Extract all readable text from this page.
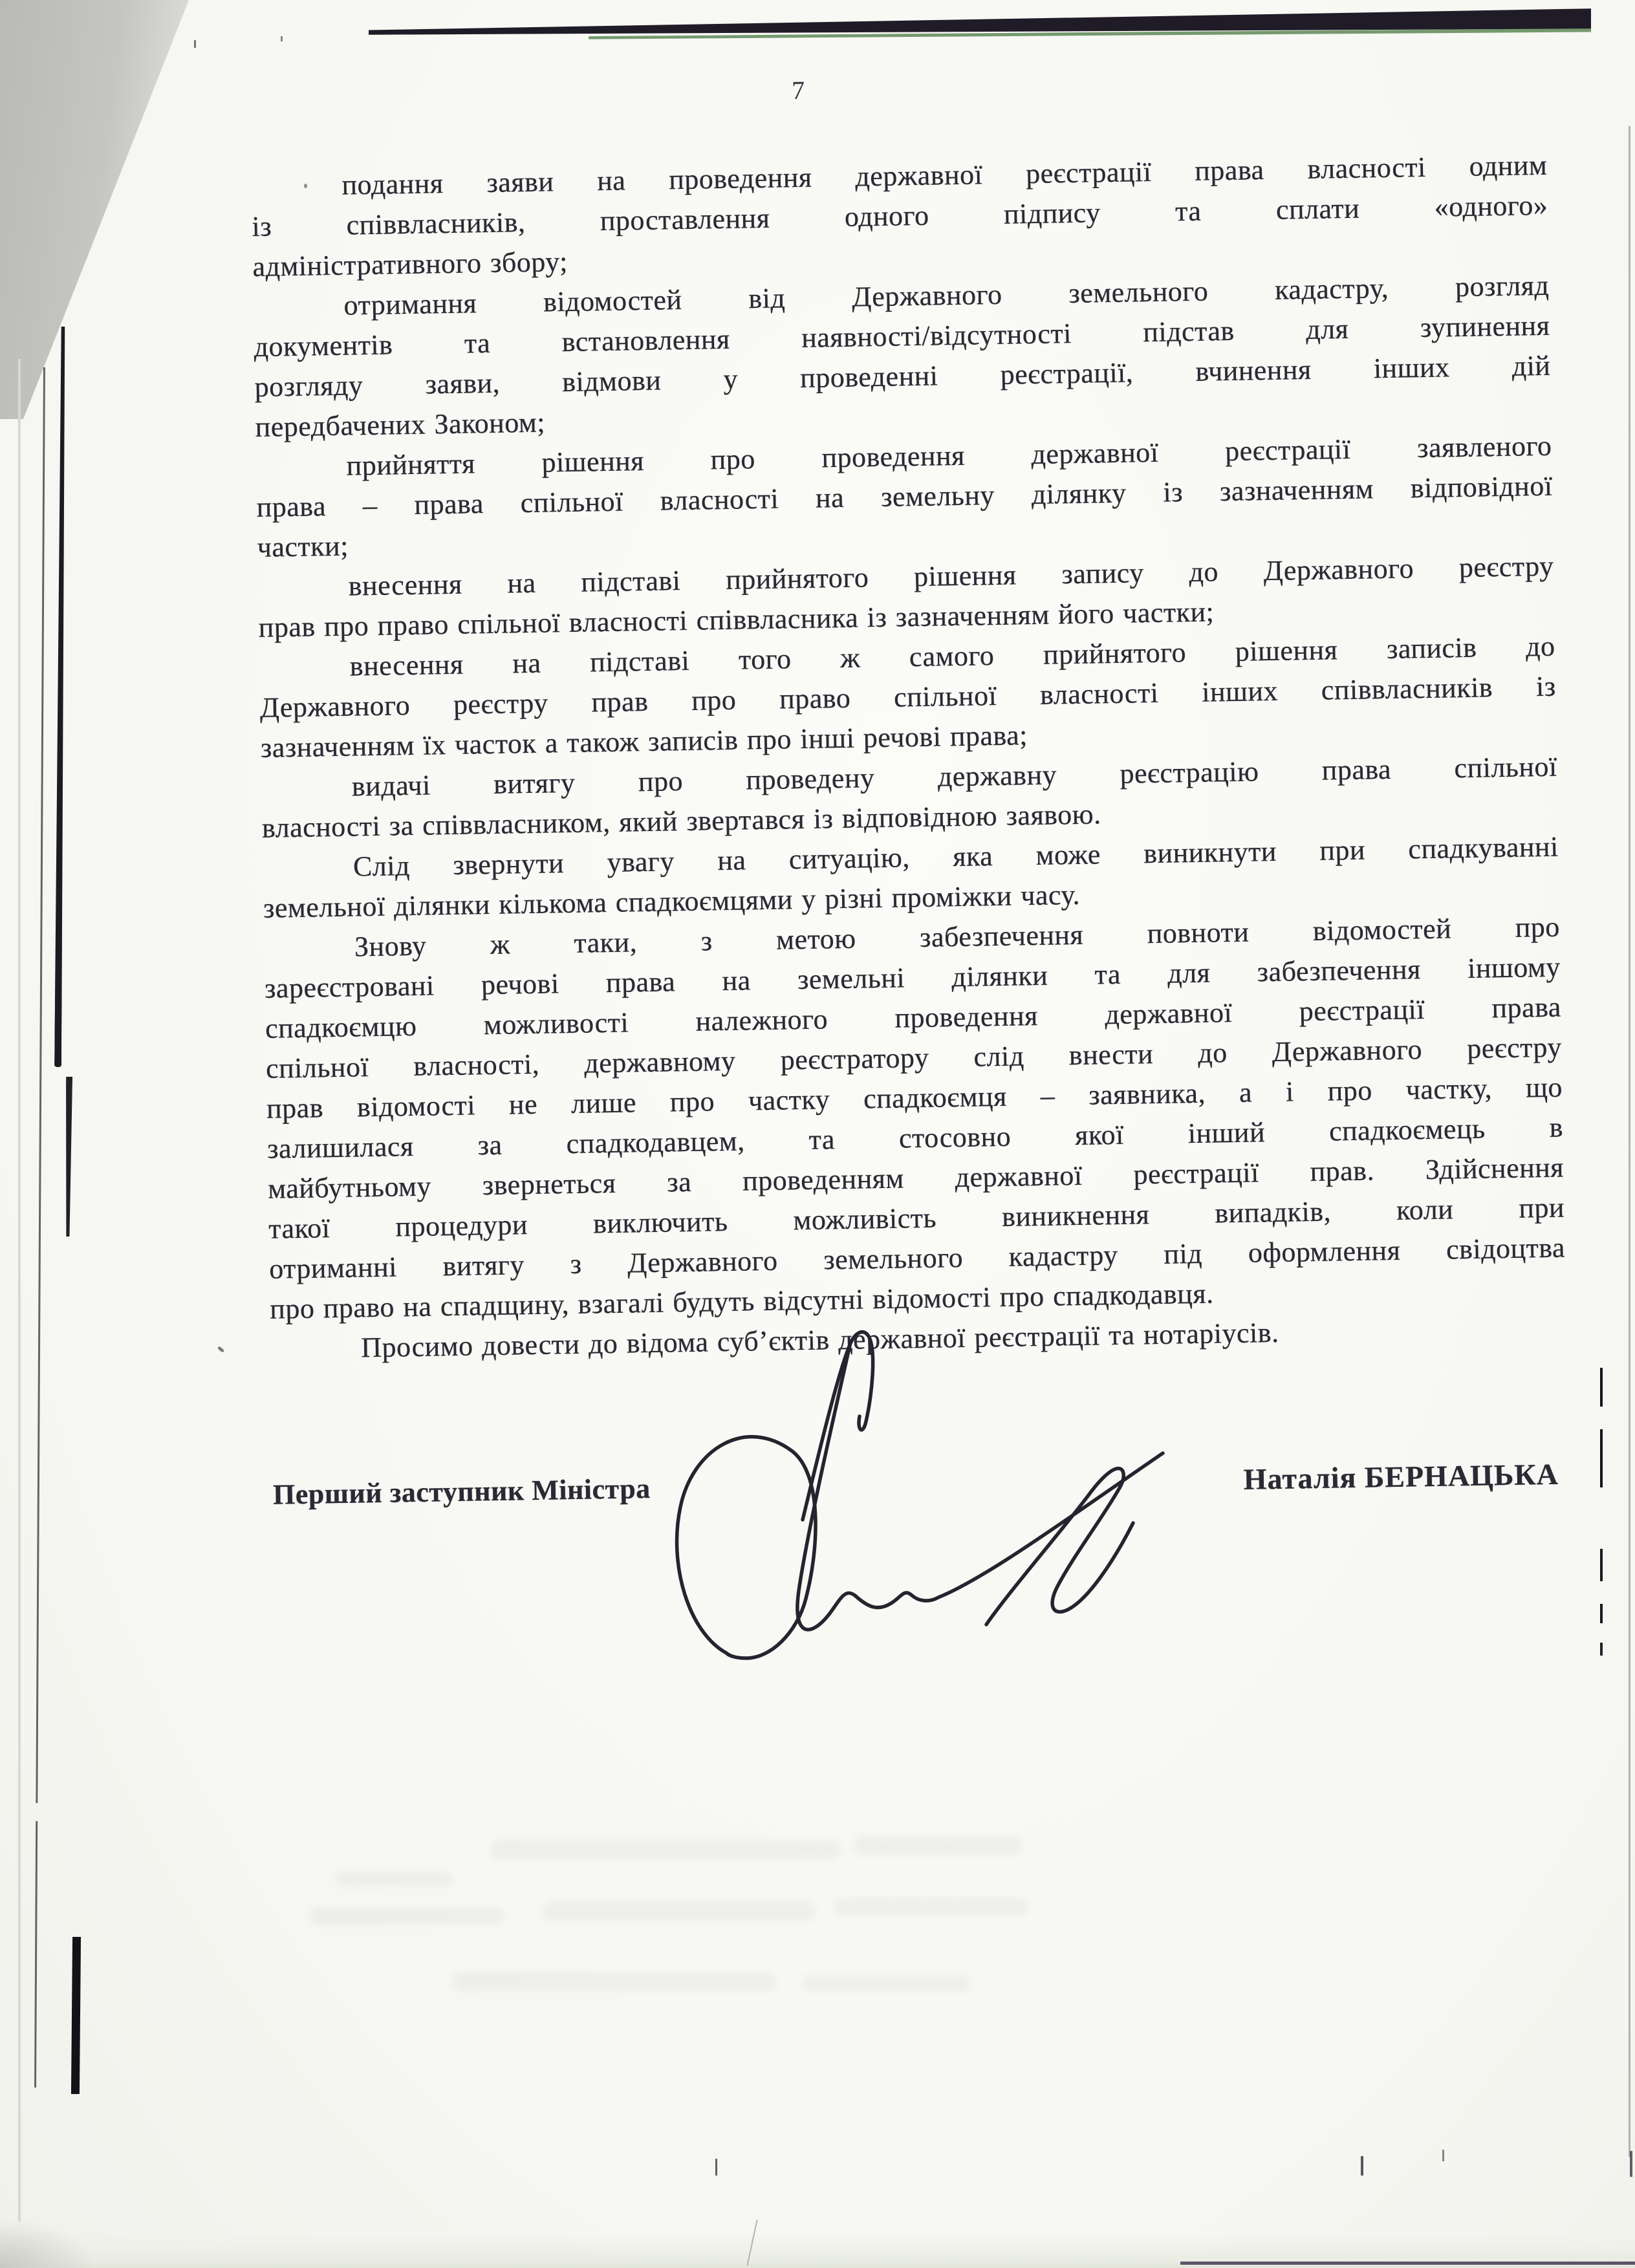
7
подання заяви на проведення державної реєстрації права власності одним
із співвласників, проставлення одного підпису та сплати «одного»
адміністративного збору;
отримання відомостей від Державного земельного кадастру, розгляд
документів та встановлення наявності/відсутності підстав для зупинення
розгляду заяви, відмови у проведенні реєстрації, вчинення інших дій
передбачених Законом;
прийняття рішення про проведення державної реєстрації заявленого
права – права спільної власності на земельну ділянку із зазначенням відповідної
частки;
внесення на підставі прийнятого рішення запису до Державного реєстру
прав про право спільної власності співвласника із зазначенням його частки;
внесення на підставі того ж самого прийнятого рішення записів до
Державного реєстру прав про право спільної власності інших співвласників із
зазначенням їх часток а також записів про інші речові права;
видачі витягу про проведену державну реєстрацію права спільної
власності за співвласником, який звертався із відповідною заявою.
Слід звернути увагу на ситуацію, яка може виникнути при спадкуванні
земельної ділянки кількома спадкоємцями у різні проміжки часу.
Знову ж таки, з метою забезпечення повноти відомостей про
зареєстровані речові права на земельні ділянки та для забезпечення іншому
спадкоємцю можливості належного проведення державної реєстрації права
спільної власності, державному реєстратору слід внести до Державного реєстру
прав відомості не лише про частку спадкоємця – заявника, а і про частку, що
залишилася за спадкодавцем, та стосовно якої інший спадкоємець в
майбутньому звернеться за проведенням державної реєстрації прав. Здійснення
такої процедури виключить можливість виникнення випадків, коли при
отриманні витягу з Державного земельного кадастру під оформлення свідоцтва
про право на спадщину, взагалі будуть відсутні відомості про спадкодавця.
Просимо довести до відома суб’єктів державної реєстрації та нотаріусів.
Перший заступник Міністра	Наталія БЕРНАЦЬКА
